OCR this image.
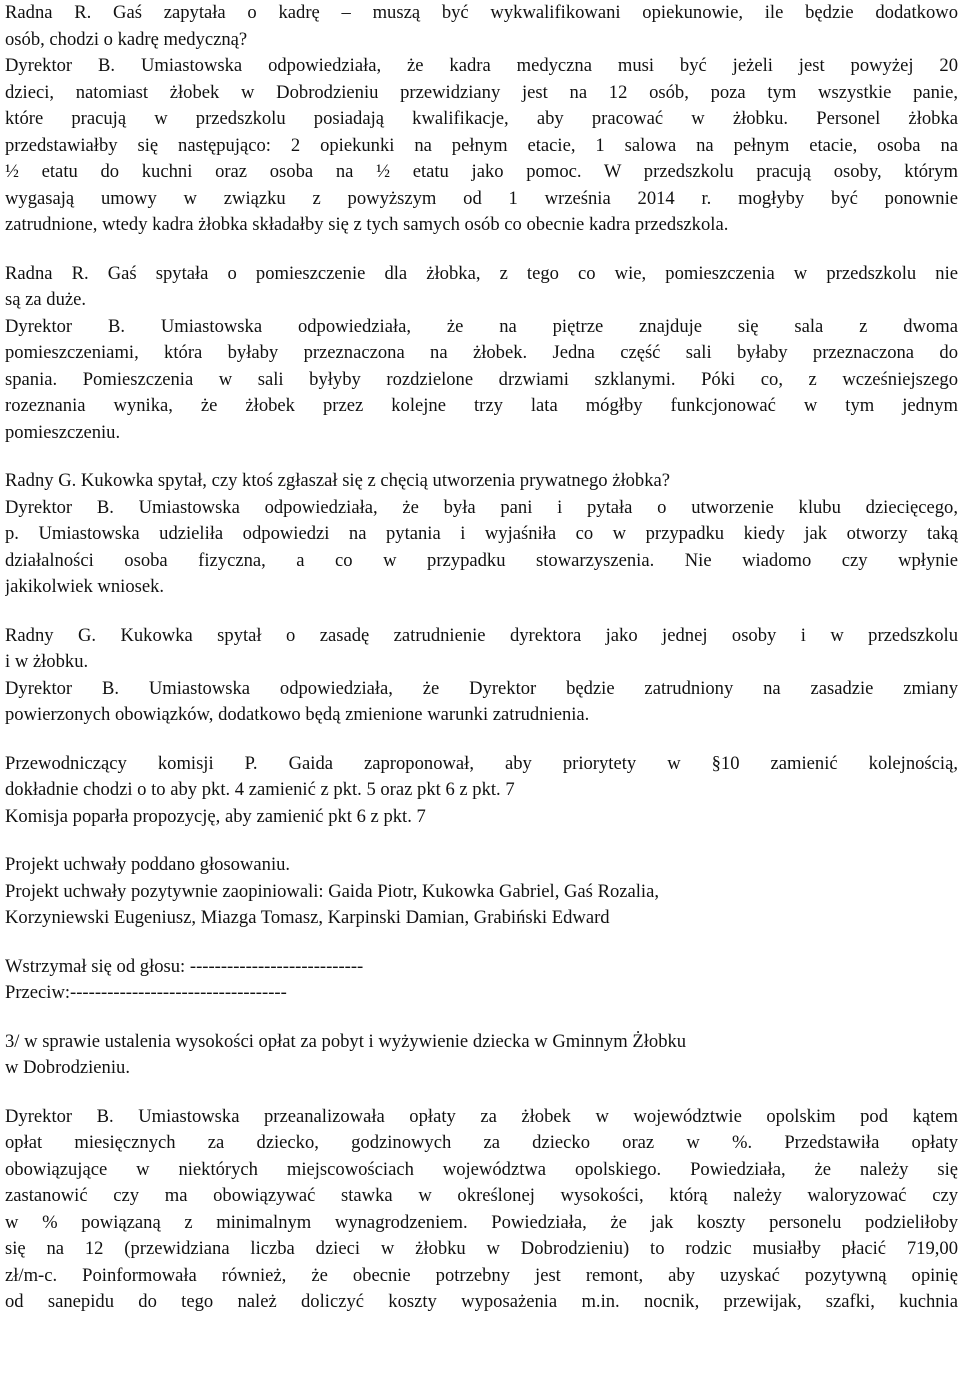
Radna R. Gaś zapytała o kadrę – muszą być wykwalifikowani opiekunowie, ile będzie dodatkowo
osób, chodzi o kadrę medyczną?
Dyrektor B. Umiastowska odpowiedziała, że kadra medyczna musi być jeżeli jest powyżej 20
dzieci, natomiast żłobek w Dobrodzieniu przewidziany jest na 12 osób, poza tym wszystkie panie,
które pracują w przedszkolu posiadają kwalifikacje, aby pracować w żłobku. Personel żłobka
przedstawiałby się następująco: 2 opiekunki na pełnym etacie, 1 salowa na pełnym etacie, osoba na
½ etatu do kuchni oraz osoba na ½ etatu jako pomoc. W przedszkolu pracują osoby, którym
wygasają umowy w związku z powyższym od 1 września 2014 r. mogłyby być ponownie
zatrudnione, wtedy kadra żłobka składałby się z tych samych osób co obecnie kadra przedszkola.
Radna R. Gaś spytała o pomieszczenie dla żłobka, z tego co wie, pomieszczenia w przedszkolu nie
są za duże.
Dyrektor B. Umiastowska odpowiedziała, że na piętrze znajduje się sala z dwoma
pomieszczeniami, która byłaby przeznaczona na żłobek. Jedna część sali byłaby przeznaczona do
spania. Pomieszczenia w sali byłyby rozdzielone drzwiami szklanymi. Póki co, z wcześniejszego
rozeznania wynika, że żłobek przez kolejne trzy lata mógłby funkcjonować w tym jednym
pomieszczeniu.
Radny G. Kukowka spytał, czy ktoś zgłaszał się z chęcią utworzenia prywatnego żłobka?
Dyrektor B. Umiastowska odpowiedziała, że była pani i pytała o utworzenie klubu dziecięcego,
p. Umiastowska udzieliła odpowiedzi na pytania i wyjaśniła co w przypadku kiedy jak otworzy taką
działalności osoba fizyczna, a co w przypadku stowarzyszenia. Nie wiadomo czy wpłynie
jakikolwiek wniosek.
Radny G. Kukowka spytał o zasadę zatrudnienie dyrektora jako jednej osoby i w przedszkolu
i w żłobku.
Dyrektor B. Umiastowska odpowiedziała, że Dyrektor będzie zatrudniony na zasadzie zmiany
powierzonych obowiązków, dodatkowo będą zmienione warunki zatrudnienia.
Przewodniczący komisji P. Gaida zaproponował, aby priorytety w §10 zamienić kolejnością,
dokładnie chodzi o to aby pkt. 4 zamienić z pkt. 5 oraz pkt 6 z pkt. 7
Komisja poparła propozycję, aby zamienić pkt 6 z pkt. 7
Projekt uchwały poddano głosowaniu.
Projekt uchwały pozytywnie zaopiniowali: Gaida Piotr, Kukowka Gabriel, Gaś Rozalia,
Korzyniewski Eugeniusz, Miazga Tomasz, Karpinski Damian, Grabiński Edward
Wstrzymał się od głosu: ----------------------------
Przeciw:-----------------------------------
3/ w sprawie ustalenia wysokości opłat za pobyt i wyżywienie dziecka w Gminnym Żłobku
w Dobrodzieniu.
Dyrektor B. Umiastowska przeanalizowała opłaty za żłobek w województwie opolskim pod kątem
opłat miesięcznych za dziecko, godzinowych za dziecko oraz w %. Przedstawiła opłaty
obowiązujące w niektórych miejscowościach województwa opolskiego. Powiedziała, że należy się
zastanowić czy ma obowiązywać stawka w określonej wysokości, którą należy waloryzować czy
w % powiązaną z minimalnym wynagrodzeniem. Powiedziała, że jak koszty personelu podzieliłoby
się na 12 (przewidziana liczba dzieci w żłobku w Dobrodzieniu) to rodzic musiałby płacić 719,00
zł/m-c. Poinformowała również, że obecnie potrzebny jest remont, aby uzyskać pozytywną opinię
od sanepidu do tego należ doliczyć koszty wyposażenia m.in. nocnik, przewijak, szafki, kuchnia
